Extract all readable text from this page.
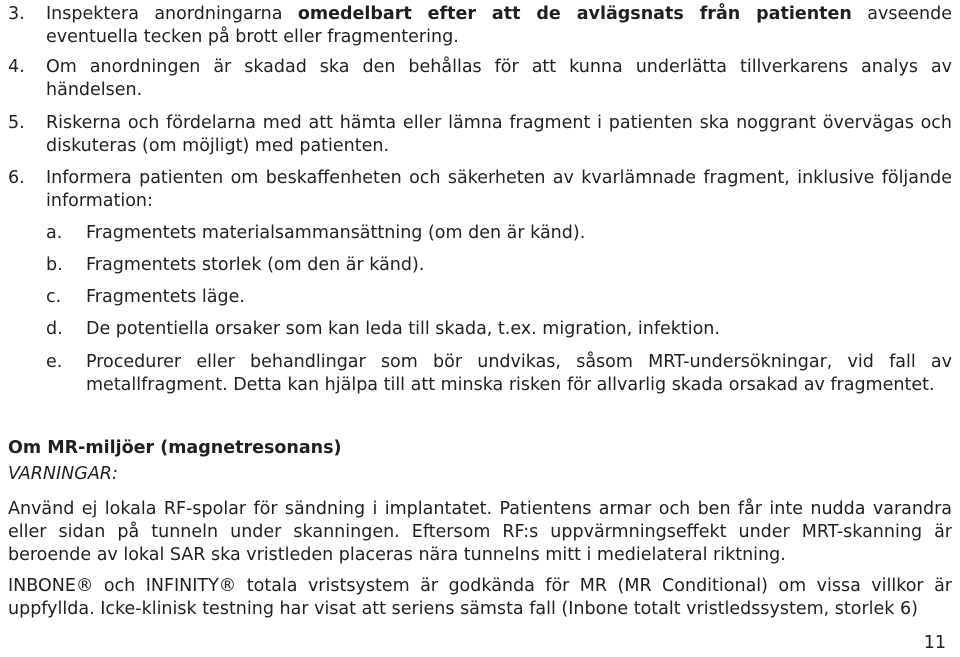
3.	Inspektera anordningarna omedelbart efter att de avlägsnats från patienten avseende eventuella tecken på brott eller fragmentering.
4.	Om anordningen är skadad ska den behållas för att kunna underlätta tillverkarens analys av händelsen.
5.	Riskerna och fördelarna med att hämta eller lämna fragment i patienten ska noggrant övervägas och diskuteras (om möjligt) med patienten.
6.	Informera patienten om beskaffenheten och säkerheten av kvarlämnade fragment, inklusive följande information:
a.	Fragmentets materialsammansättning (om den är känd).
b.	Fragmentets storlek (om den är känd).
c.	Fragmentets läge.
d.	De potentiella orsaker som kan leda till skada, t.ex. migration, infektion.
e.	Procedurer eller behandlingar som bör undvikas, såsom MRT-undersökningar, vid fall av metallfragment. Detta kan hjälpa till att minska risken för allvarlig skada orsakad av fragmentet.
Om MR-miljöer (magnetresonans)
VARNINGAR:
Använd ej lokala RF-spolar för sändning i implantatet. Patientens armar och ben får inte nudda varandra eller sidan på tunneln under skanningen. Eftersom RF:s uppvärmningseffekt under MRT-skanning är beroende av lokal SAR ska vristleden placeras nära tunnelns mitt i medielateral riktning.
INBONE® och INFINITY® totala vristsystem är godkända för MR (MR Conditional) om vissa villkor är uppfyllda. Icke-klinisk testning har visat att seriens sämsta fall (Inbone totalt vristledssystem, storlek 6)
11
